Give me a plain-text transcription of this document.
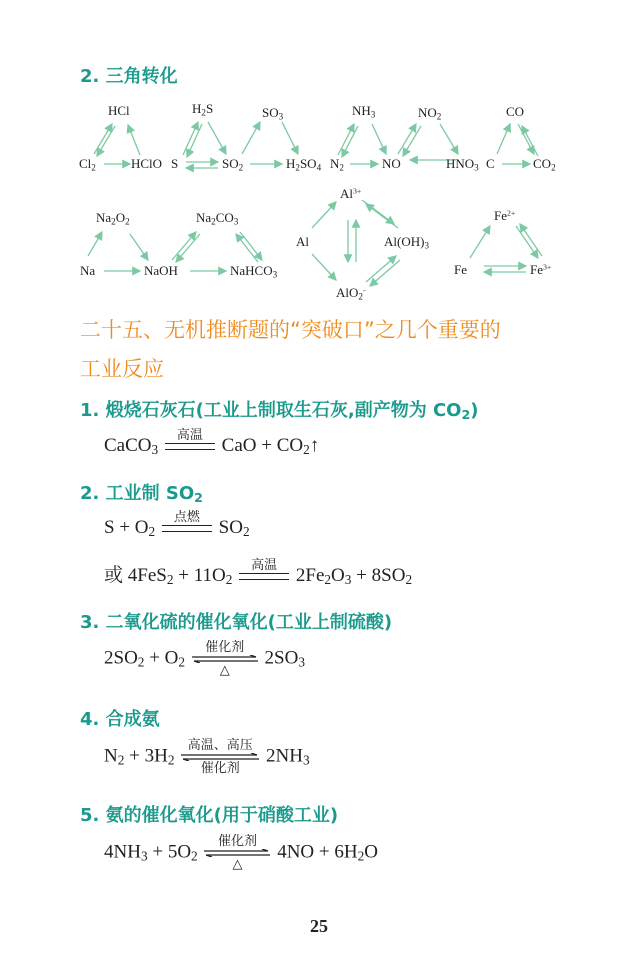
2. 三角转化
HCl
$Cl_2$	HClO
$H_2S$
S	$SO_2$
$SO_3$
$H_2SO_4$
$NH_3$
$N_2$	NO
$NO_2$
$HNO_3$
CO
C	$CO_2$
$Na_2O_2$
Na	NaOH
$Na_2CO_3$
NaHCO$_3$
$Al^{3+}$
Al	$Al(OH)_3$
AlO$_2$-
$Fe^{2+}$
Fe	$Fe^{3+}$
二十五、无机推断题的“突破口”之几个重要的
工业反应
1. 煅烧石灰石(工业上制取生石灰,副产物为 $CO_2$)
CaCO$_3$
高温
CaO + $CO_2↑$
2. 工业制 $SO_2$
$S + O_2$
点燃
$SO_2$
或 $4FeS_2 + 11O_2$
高温
$2Fe_2O_3 + 8SO_2$
3. 二氧化硫的催化氧化(工业上制硫酸)
$2SO_2 + O_2$
催化剂
△
$2SO_3$
4. 合成氨
$N_2 + 3H_2$
高温、高压
催化剂
$2NH_3$
5. 氨的催化氧化(用于硝酸工业)
$4NH_3 + 5O_2$
催化剂
△
$4NO + 6H_2O$
25
